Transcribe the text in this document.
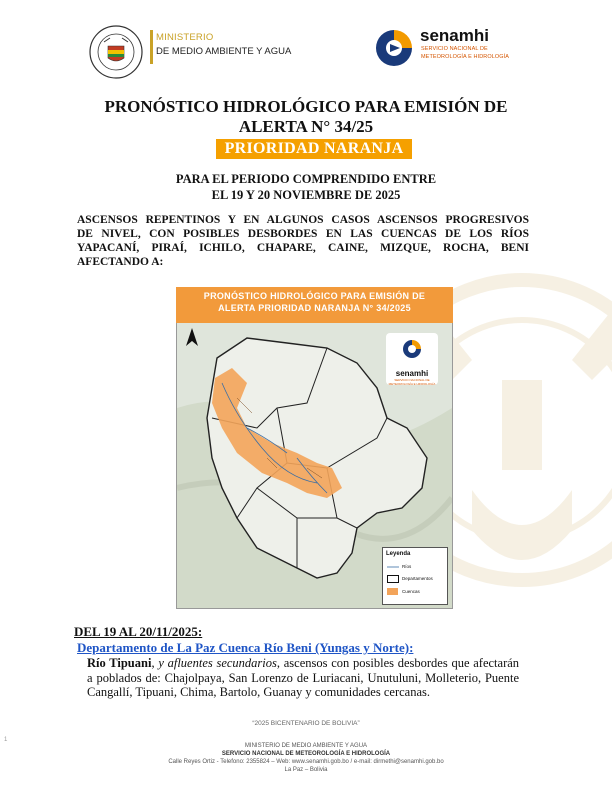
MINISTERIO
DE MEDIO AMBIENTE Y AGUA
senamhi
SERVICIO NACIONAL DE
METEOROLOGÍA E HIDROLOGÍA
PRONÓSTICO HIDROLÓGICO PARA EMISIÓN DE
ALERTA N° 34/25
PRIORIDAD NARANJA
PARA EL PERIODO COMPRENDIDO ENTRE
EL 19 Y 20 NOVIEMBRE DE 2025
ASCENSOS REPENTINOS Y EN ALGUNOS CASOS ASCENSOS PROGRESIVOS
DE NIVEL, CON POSIBLES DESBORDES EN LAS CUENCAS DE LOS RÍOS
YAPACANÍ, PIRAÍ, ICHILO, CHAPARE, CAINE, MIZQUE, ROCHA, BENI
AFECTANDO A:
PRONÓSTICO HIDROLÓGICO PARA EMISIÓN DE
ALERTA PRIORIDAD NARANJA N° 34/2025
senamhi
SERVICIO NACIONAL DE METEOROLOGÍA E HIDROLOGÍA
Leyenda
Ríos
Departamentos
Cuencas
DEL 19 AL 20/11/2025:
Departamento de La Paz Cuenca Río Beni (Yungas y Norte):
Río Tipuani, y afluentes secundarios, ascensos con posibles desbordes que afectarán a poblados de: Chajolpaya, San Lorenzo de Luriacani, Unutuluni, Molleterio, Puente Cangallí, Tipuani, Chima, Bartolo, Guanay y comunidades cercanas.
“2025 BICENTENARIO DE BOLIVIA”
1
MINISTERIO DE MEDIO AMBIENTE Y AGUA
SERVICIO NACIONAL DE METEOROLOGÍA E HIDROLOGÍA
Calle Reyes Ortiz - Telefono: 2355824 – Web: www.senamhi.gob.bo / e-mail: dirmethi@senamhi.gob.bo
La Paz – Bolivia
